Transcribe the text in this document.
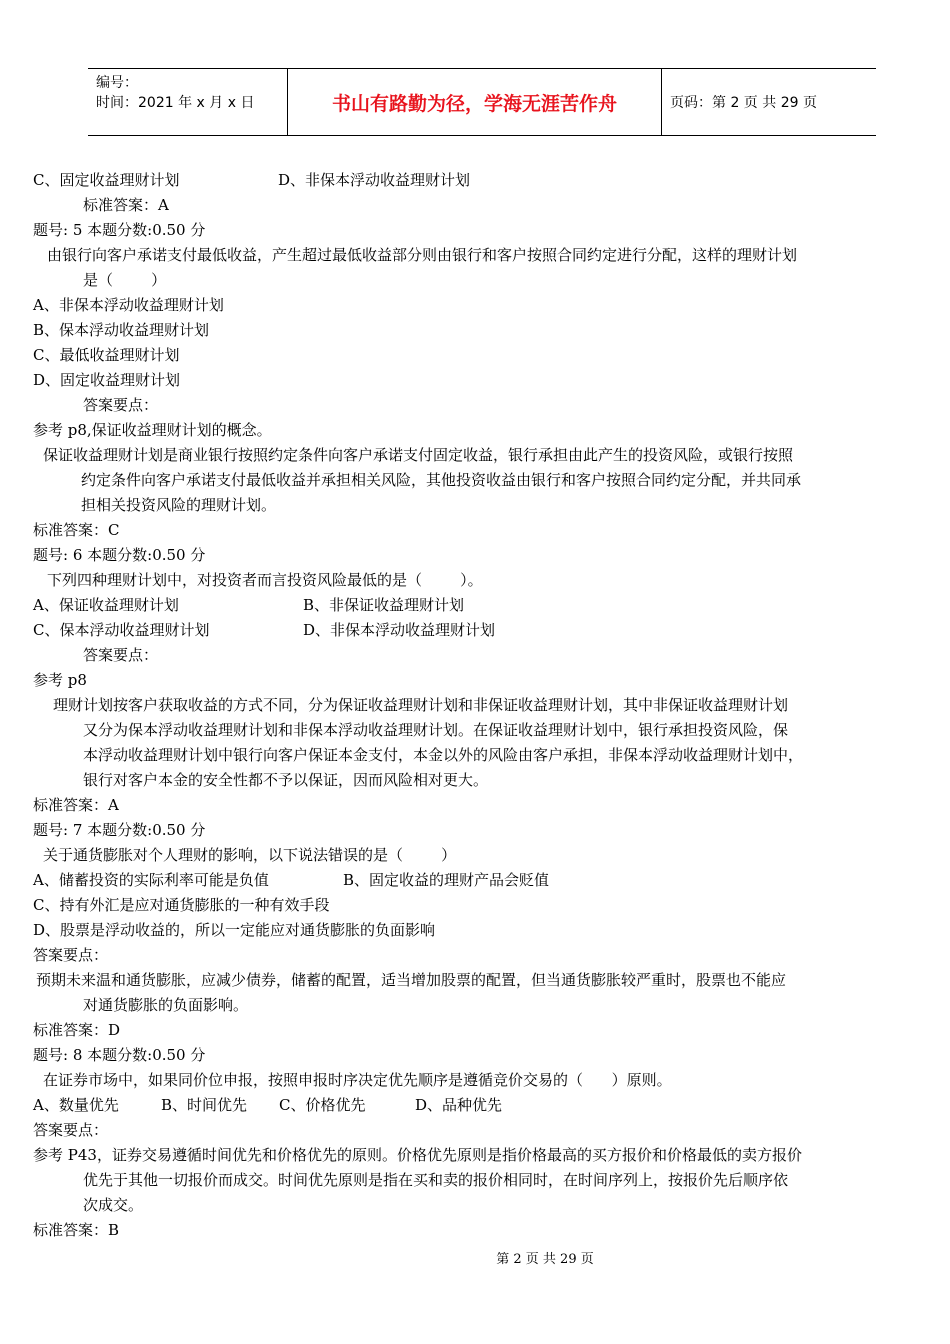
编号：
时间：2021 年 x 月 x 日	书山有路勤为径，学海无涯苦作舟	页码：第 2 页 共 29 页
C、固定收益理财计划	D、非保本浮动收益理财计划
标准答案：A
题号: 5 本题分数:0.50 分
由银行向客户承诺支付最低收益，产生超过最低收益部分则由银行和客户按照合同约定进行分配，这样的理财计划
是（        ）
A、非保本浮动收益理财计划
B、保本浮动收益理财计划
C、最低收益理财计划
D、固定收益理财计划
答案要点：
参考 p8,保证收益理财计划的概念。
保证收益理财计划是商业银行按照约定条件向客户承诺支付固定收益，银行承担由此产生的投资风险，或银行按照
约定条件向客户承诺支付最低收益并承担相关风险，其他投资收益由银行和客户按照合同约定分配，并共同承
担相关投资风险的理财计划。
标准答案：C
题号: 6 本题分数:0.50 分
下列四种理财计划中，对投资者而言投资风险最低的是（        ）。
A、保证收益理财计划	B、非保证收益理财计划
C、保本浮动收益理财计划	D、非保本浮动收益理财计划
答案要点：
参考 p8
理财计划按客户获取收益的方式不同，分为保证收益理财计划和非保证收益理财计划，其中非保证收益理财计划
又分为保本浮动收益理财计划和非保本浮动收益理财计划。在保证收益理财计划中，银行承担投资风险，保
本浮动收益理财计划中银行向客户保证本金支付，本金以外的风险由客户承担，非保本浮动收益理财计划中，
银行对客户本金的安全性都不予以保证，因而风险相对更大。
标准答案：A
题号: 7 本题分数:0.50 分
关于通货膨胀对个人理财的影响，以下说法错误的是（        ）
A、储蓄投资的实际利率可能是负值	B、固定收益的理财产品会贬值
C、持有外汇是应对通货膨胀的一种有效手段
D、股票是浮动收益的，所以一定能应对通货膨胀的负面影响
答案要点：
预期未来温和通货膨胀，应减少债券，储蓄的配置，适当增加股票的配置，但当通货膨胀较严重时，股票也不能应
对通货膨胀的负面影响。
标准答案：D
题号: 8 本题分数:0.50 分
在证券市场中，如果同价位申报，按照申报时序决定优先顺序是遵循竞价交易的（      ）原则。
A、数量优先	B、时间优先	C、价格优先	D、品种优先
答案要点：
参考 P43，证券交易遵循时间优先和价格优先的原则。价格优先原则是指价格最高的买方报价和价格最低的卖方报价
优先于其他一切报价而成交。时间优先原则是指在买和卖的报价相同时，在时间序列上，按报价先后顺序依
次成交。
标准答案：B
第 2 页 共 29 页
